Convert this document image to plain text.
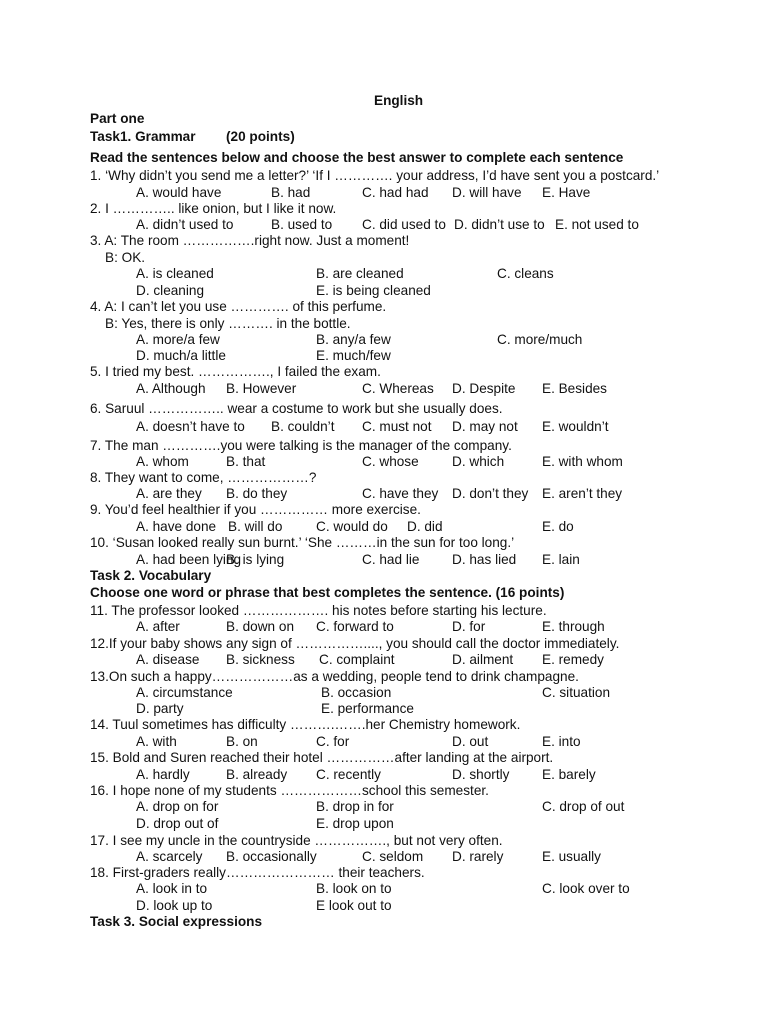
English
Part one
Task1. Grammar (20 points)
Read the sentences below and choose the best answer to complete each sentence
1. ‘Why didn’t you send me a letter?’ ‘If I …………. your address, I’d have sent you a postcard.’
A. would have	B. had	C. had had D. will have E. Have
2. I ………….. like onion, but I like it now.
A. didn’t used to	B. used to C. did used to D. didn’t use to E. not used to
3. A: The room …………….right now. Just a moment!
B: OK.
A. is cleaned	B. are cleaned	C. cleans
D. cleaning	E. is being cleaned
4. A: I can’t let you use …………. of this perfume.
B: Yes, there is only ………. in the bottle.
A. more/a few	B. any/a few	C. more/much
D. much/a little	E. much/few
5. I tried my best. ……………., I failed the exam.
A. Although B. However	C. Whereas D. Despite E. Besides
6. Saruul …………….. wear a costume to work but she usually does.
A. doesn’t have to B. couldn’t C. must not D. may not E. wouldn’t
7. The man ………….you were talking is the manager of the company.
A. whom	B. that	C. whose D. which	E. with whom
8. They want to come, ………………?
A. are they B. do they	C. have they D. don’t they E. aren’t they
9. You’d feel healthier if you …………… more exercise.
A. have done B. will do C. would do D. did	E. do
10. ‘Susan looked really sun burnt.’ ‘She ………in the sun for too long.’
A. had been lying
B. is lying	C. had lie D. has lied E. lain
Task 2. Vocabulary
Choose one word or phrase that best completes the sentence. (16 points)
11. The professor looked ………………. his notes before starting his lecture.
A. after	B. down on C. forward to	D. for	E. through
12.If your baby shows any sign of ……………...., you should call the doctor immediately.
A. disease B. sickness C. complaint	D. ailment E. remedy
13.On such a happy………………as a wedding, people tend to drink champagne.
A. circumstance	B. occasion	C. situation
D. party	E. performance
14. Tuul sometimes has difficulty ……….…….her Chemistry homework.
A. with	B. on	C. for	D. out	E. into
15. Bold and Suren reached their hotel ……………after landing at the airport.
A. hardly	B. already C. recently	D. shortly E. barely
16. I hope none of my students ………………school this semester.
A. drop on for	B. drop in for	C. drop of out
D. drop out of	E. drop upon
17. I see my uncle in the countryside ……………., but not very often.
A. scarcely B. occasionally	C. seldom D. rarely	E. usually
18. First-graders really…………………… their teachers.
A. look in to	B. look on to	C. look over to
D. look up to	E look out to
Task 3. Social expressions
